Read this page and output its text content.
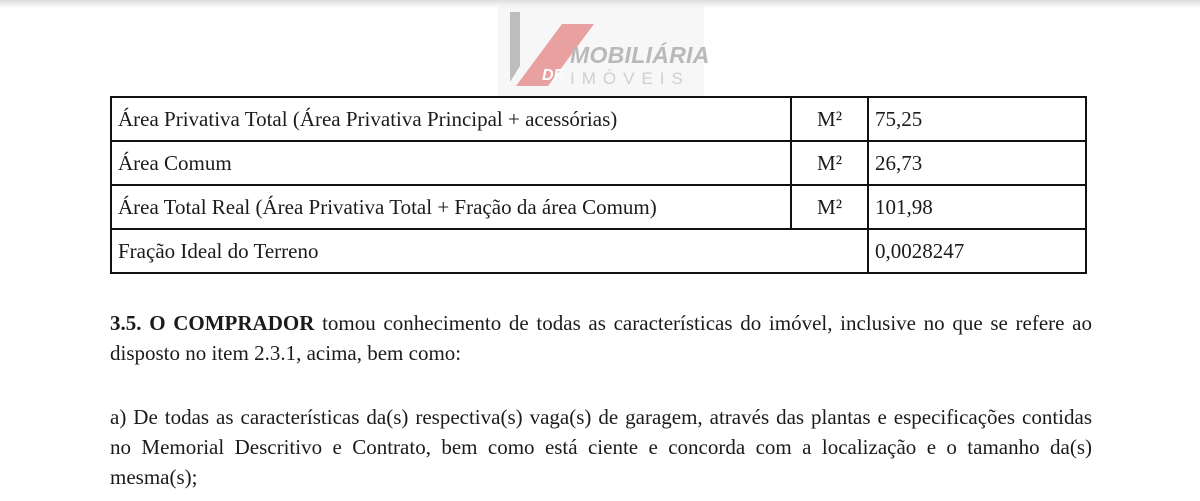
DF
MOBILIÁRIA
IMÓVEIS
Área Privativa Total (Área Privativa Principal + acessórias)	M²	75,25
Área Comum	M²	26,73
Área Total Real (Área Privativa Total + Fração da área Comum)	M²	101,98
Fração Ideal do Terreno		0,0028247
3.5. O COMPRADOR tomou conhecimento de todas as características do imóvel, inclusive no que se refere ao disposto no item 2.3.1, acima, bem como:
a) De todas as características da(s) respectiva(s) vaga(s) de garagem, através das plantas e especificações contidas no Memorial Descritivo e Contrato, bem como está ciente e concorda com a localização e o tamanho da(s) mesma(s);
